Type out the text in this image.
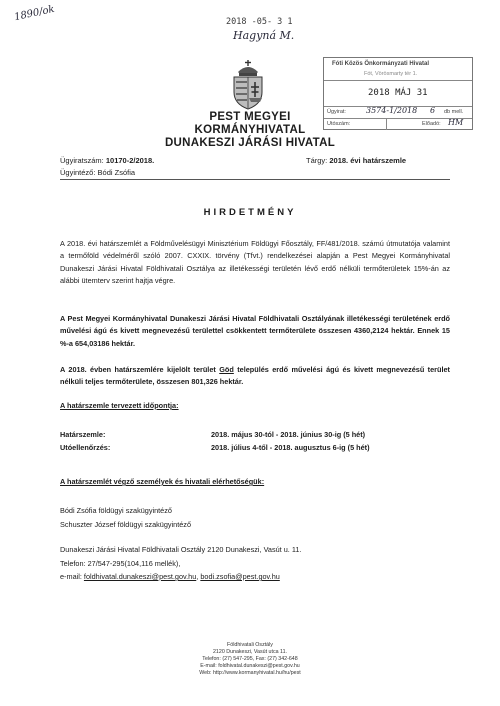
1890/ok	2018 -05- 3 1
Hagyná M.
PEST MEGYEI
KORMÁNYHIVATAL
DUNAKESZI JÁRÁSI HIVATAL
Fóti Közös Önkormányzati Hivatal
Fót, Vörösmarty tér 1.
2018 MÁJ 31
Ügyirat:	3574-1/2018 6 db mell.
Utószám:	Előadó: HM
Ügyiratszám: 10170-2/2018.	Tárgy: 2018. évi határszemle
Ügyintéző: Bódi Zsófia
HIRDETMÉNY
A 2018. évi határszemlét a Földművelésügyi Minisztérium Földügyi Főosztály, FF/481/2018. számú útmutatója valamint a termőföld védelméről szóló 2007. CXXIX. törvény (Tfvt.) rendelkezései alapján a Pest Megyei Kormányhivatal Dunakeszi Járási Hivatal Földhivatali Osztálya az illetékességi területén lévő erdő nélküli termőterületek 15%-án az alábbi ütemterv szerint hajtja végre.
A Pest Megyei Kormányhivatal Dunakeszi Járási Hivatal Földhivatali Osztályának illetékességi területének erdő művelési ágú és kivett megnevezésű területtel csökkentett termőterülete összesen 4360,2124 hektár. Ennek 15 %-a 654,03186 hektár.
A 2018. évben határszemlére kijelölt terület Göd település erdő művelési ágú és kivett megnevezésű terület nélküli teljes termőterülete, összesen 801,326 hektár.
A határszemle tervezett időpontja:
Határszemle:	2018. május 30-tól - 2018. június 30-ig (5 hét)
Utóellenőrzés:	2018. július 4-től - 2018. augusztus 6-ig (5 hét)
A határszemlét végző személyek és hivatali elérhetőségük:
Bódi Zsófia földügyi szakügyintéző
Schuszter József földügyi szakügyintéző
Dunakeszi Járási Hivatal Földhivatali Osztály 2120 Dunakeszi, Vasút u. 11.
Telefon: 27/547-295(104,116 mellék),
e-mail: foldhivatal.dunakeszi@pest.gov.hu, bodi.zsofia@pest.gov.hu
Földhivatali Osztály
2120 Dunakeszi, Vasút utca 11.
Telefon: (27) 547-295, Fax: (27) 342-648
E-mail: foldhivatal.dunakeszi@pest.gov.hu
Web: http://www.kormanyhivatal.hu/hu/pest
